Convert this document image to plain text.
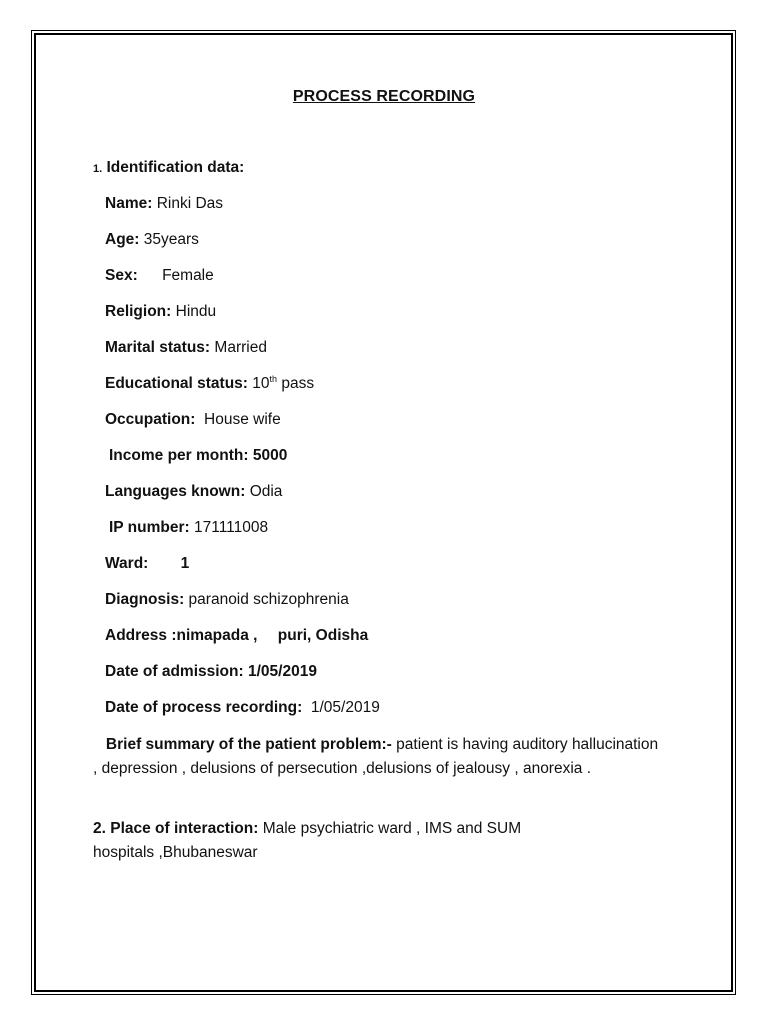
PROCESS RECORDING
1. Identification data:
Name: Rinki Das
Age: 35years
Sex: Female
Religion: Hindu
Marital status: Married
Educational status: 10th pass
Occupation: House wife
Income per month: 5000
Languages known: Odia
IP number: 171111008
Ward: 1
Diagnosis: paranoid schizophrenia
Address :nimapada , puri, Odisha
Date of admission: 1/05/2019
Date of process recording: 1/05/2019
Brief summary of the patient problem:- patient is having auditory hallucination , depression , delusions of persecution ,delusions of jealousy , anorexia .
2. Place of interaction: Male psychiatric ward , IMS and SUM hospitals ,Bhubaneswar
